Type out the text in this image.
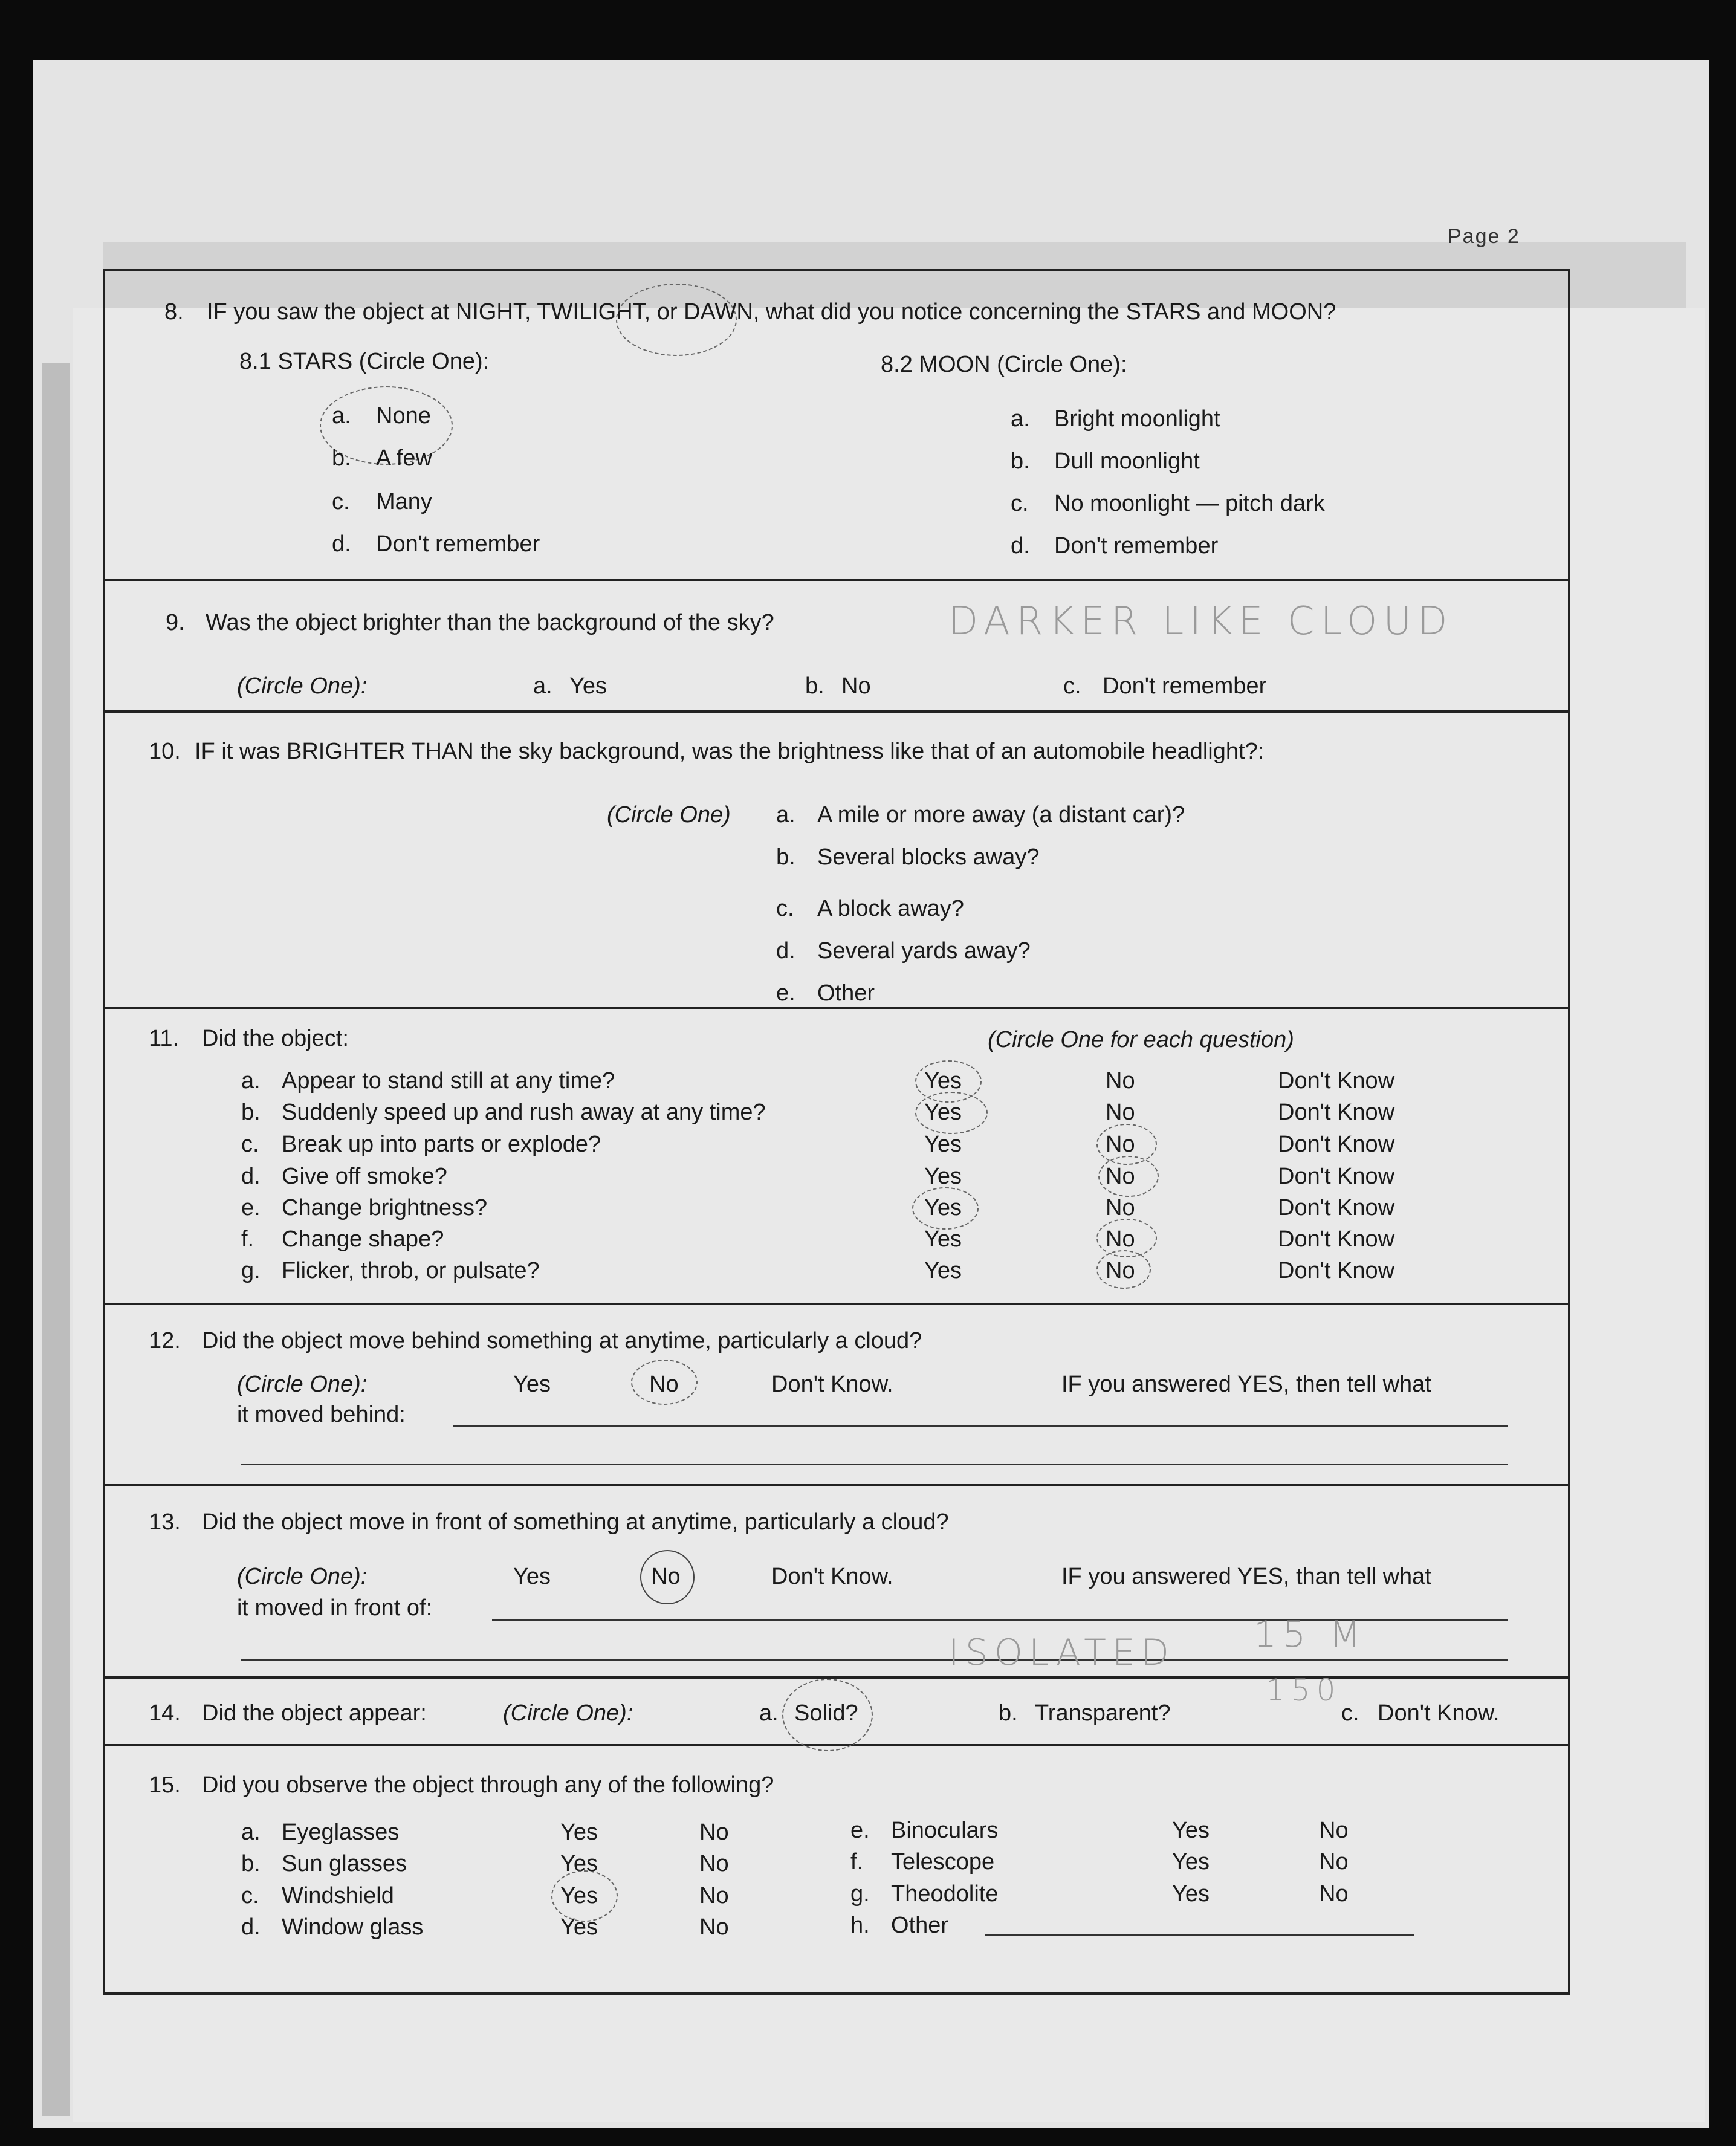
Page 2
8. IF you saw the object at NIGHT, TWILIGHT, or DAWN, what did you notice concerning the STARS and MOON?
8.1 STARS (Circle One):
a. None
b. A few
c. Many
d. Don't remember
8.2 MOON (Circle One):
a. Bright moonlight
b. Dull moonlight
c. No moonlight — pitch dark
d. Don't remember
9. Was the object brighter than the background of the sky?	DARKER LIKE CLOUD
(Circle One):	a. Yes	b. No	c. Don't remember
10. IF it was BRIGHTER THAN the sky background, was the brightness like that of an automobile headlight?:
(Circle One) a. A mile or more away (a distant car)?
b. Several blocks away?
c. A block away?
d. Several yards away?
e. Other
11. Did the object:	(Circle One for each question)
a. Appear to stand still at any time?	Yes	No	Don't Know
b. Suddenly speed up and rush away at any time?	Yes	No	Don't Know
c. Break up into parts or explode?	Yes	No	Don't Know
d. Give off smoke?	Yes	No	Don't Know
e. Change brightness?	Yes	No	Don't Know
f. Change shape?	Yes	No	Don't Know
g. Flicker, throb, or pulsate?	Yes	No	Don't Know
12. Did the object move behind something at anytime, particularly a cloud?
(Circle One):	Yes	No	Don't Know.	IF you answered YES, then tell what
it moved behind:
13. Did the object move in front of something at anytime, particularly a cloud?
(Circle One):	Yes	No	Don't Know.	IF you answered YES, than tell what
it moved in front of:
ISOLATED 15 M
150
14. Did the object appear:	(Circle One):	a. Solid?	b. Transparent?	c. Don't Know.
15. Did you observe the object through any of the following?
a. Eyeglasses	Yes	No
b. Sun glasses	Yes	No
c. Windshield	Yes	No
d. Window glass	Yes	No
e. Binoculars	Yes	No
f. Telescope	Yes	No
g. Theodolite	Yes	No
h. Other
